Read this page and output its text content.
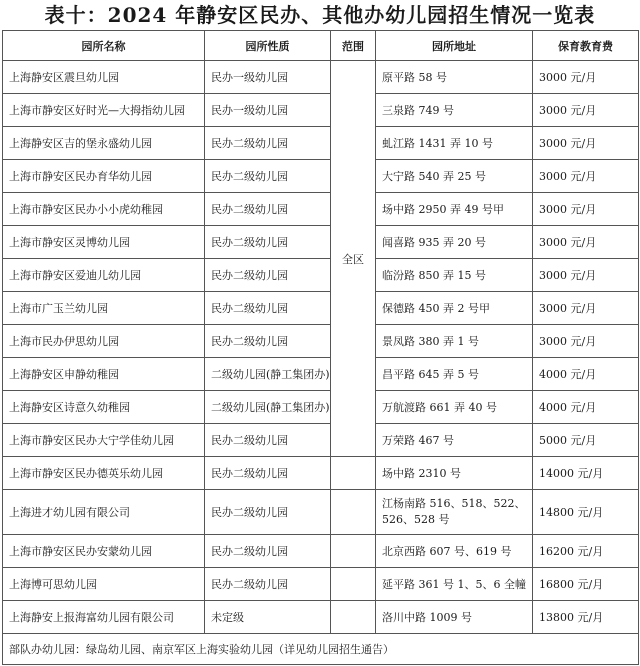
表十：2024 年静安区民办、其他办幼儿园招生情况一览表
园所名称	园所性质	范围	园所地址	保育教育费
上海静安区震旦幼儿园	民办一级幼儿园	全区	原平路 58 号	3000 元/月
上海市静安区好时光—大拇指幼儿园	民办一级幼儿园		三泉路 749 号	3000 元/月
上海静安区吉的堡永盛幼儿园	民办二级幼儿园		虬江路 1431 弄 10 号	3000 元/月
上海市静安区民办育华幼儿园	民办二级幼儿园		大宁路 540 弄 25 号	3000 元/月
上海市静安区民办小小虎幼稚园	民办二级幼儿园		场中路 2950 弄 49 号甲	3000 元/月
上海市静安区灵博幼儿园	民办二级幼儿园		闻喜路 935 弄 20 号	3000 元/月
上海市静安区爱迪儿幼儿园	民办二级幼儿园		临汾路 850 弄 15 号	3000 元/月
上海市广玉兰幼儿园	民办二级幼儿园		保德路 450 弄 2 号甲	3000 元/月
上海市民办伊思幼儿园	民办二级幼儿园		景凤路 380 弄 1 号	3000 元/月
上海静安区申静幼稚园	二级幼儿园(静工集团办)		昌平路 645 弄 5 号	4000 元/月
上海静安区诗意久幼稚园	二级幼儿园(静工集团办)		万航渡路 661 弄 40 号	4000 元/月
上海市静安区民办大宁学佳幼儿园	民办二级幼儿园		万荣路 467 号	5000 元/月
上海市静安区民办德英乐幼儿园	民办二级幼儿园		场中路 2310 号	14000 元/月
上海进才幼儿园有限公司	民办二级幼儿园		江杨南路 516、518、522、526、528 号	14800 元/月
上海市静安区民办安蒙幼儿园	民办二级幼儿园		北京西路 607 号、619 号	16200 元/月
上海博可思幼儿园	民办二级幼儿园		延平路 361 号 1、5、6 全幢	16800 元/月
上海静安上报海富幼儿园有限公司	未定级		洛川中路 1009 号	13800 元/月
部队办幼儿园：绿岛幼儿园、南京军区上海实验幼儿园（详见幼儿园招生通告）				
